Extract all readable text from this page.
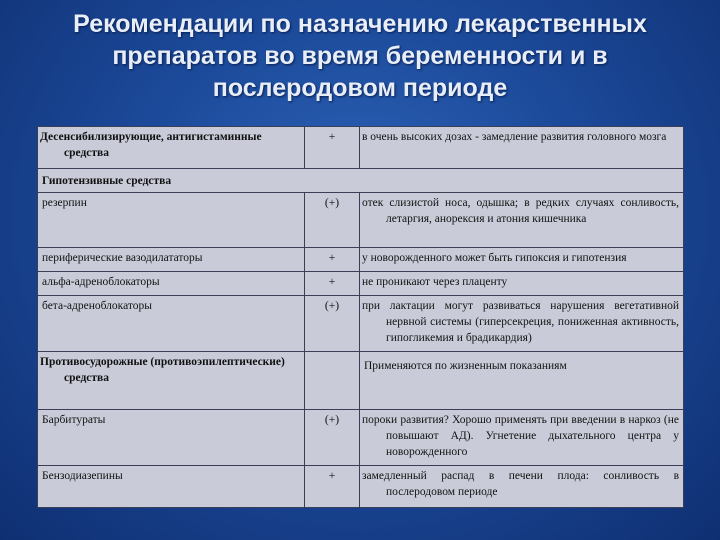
Рекомендации по назначению лекарственных препаратов во время беременности и в послеродовом периоде
Десенсибилизирующие, антигистаминные средства	+	в очень высоких дозах - замедление развития головного мозга
Гипотензивные средства		
резерпин	(+)	отек слизистой носа, одышка; в редких случаях сонливость, летаргия, анорексия и атония кишечника
периферические вазодилататоры	+	у новорожденного может быть гипоксия и гипотензия
альфа-адреноблокаторы	+	не проникают через плаценту
бета-адреноблокаторы	(+)	при лактации могут развиваться нарушения вегетативной нервной системы (гиперсекреция, пониженная активность, гипогликемия и брадикардия)
Противосудорожные (противоэпилептические) средства		Применяются по жизненным показаниям
Барбитураты	(+)	пороки развития? Хорошо применять при введении в наркоз (не повышают АД). Угнетение дыхательного центра у новорожденного
Бензодиазепины	+	замедленный распад в печени плода: сонливость в послеродовом периоде
